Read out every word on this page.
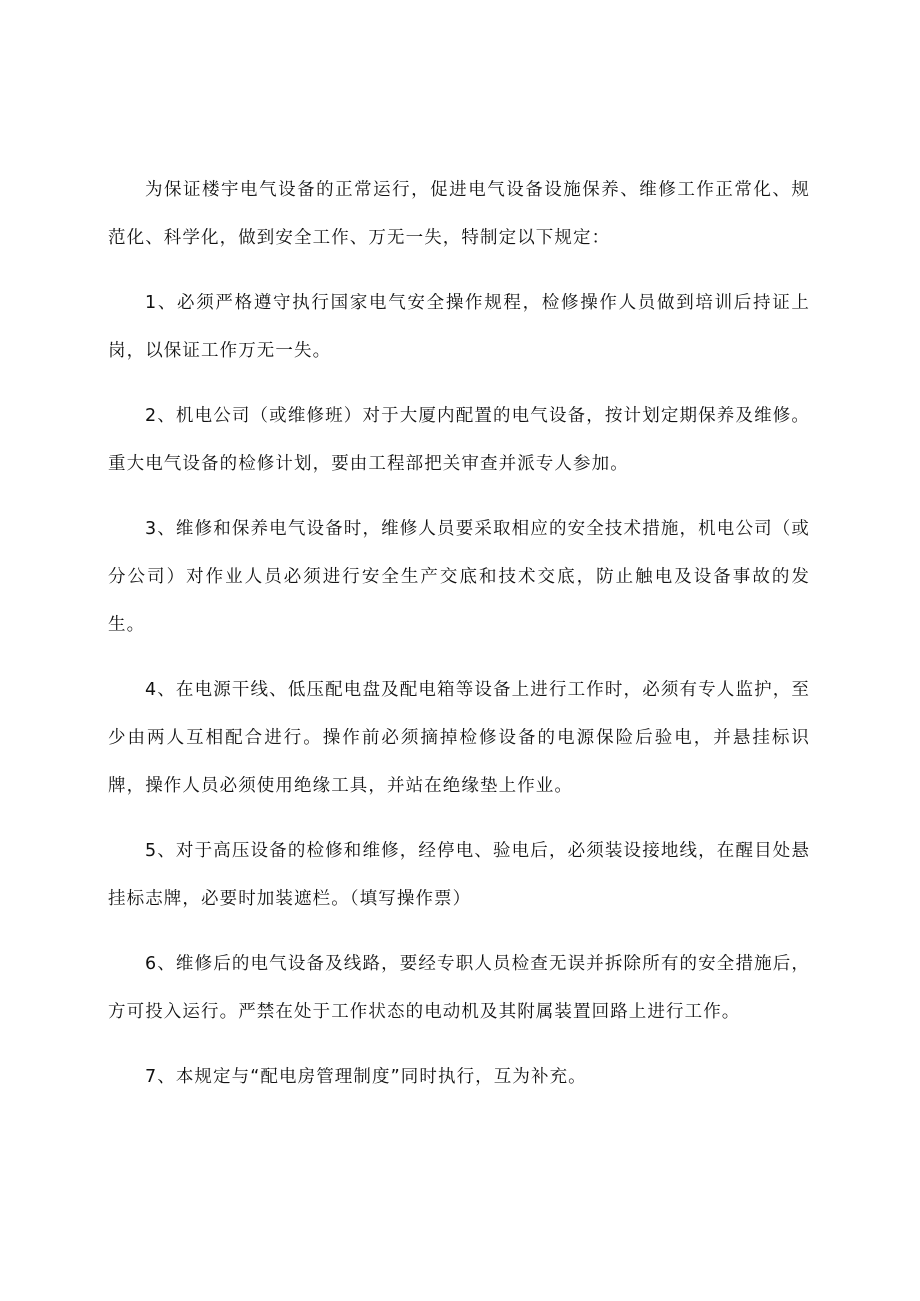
为保证楼宇电气设备的正常运行，促进电气设备设施保养、维修工作正常化、规范化、科学化，做到安全工作、万无一失，特制定以下规定：

1、必须严格遵守执行国家电气安全操作规程，检修操作人员做到培训后持证上岗，以保证工作万无一失。

2、机电公司（或维修班）对于大厦内配置的电气设备，按计划定期保养及维修。重大电气设备的检修计划，要由工程部把关审查并派专人参加。

3、维修和保养电气设备时，维修人员要采取相应的安全技术措施，机电公司（或分公司）对作业人员必须进行安全生产交底和技术交底，防止触电及设备事故的发生。

4、在电源干线、低压配电盘及配电箱等设备上进行工作时，必须有专人监护，至少由两人互相配合进行。操作前必须摘掉检修设备的电源保险后验电，并悬挂标识牌，操作人员必须使用绝缘工具，并站在绝缘垫上作业。

5、对于高压设备的检修和维修，经停电、验电后，必须装设接地线，在醒目处悬挂标志牌，必要时加装遮栏。（填写操作票）

6、维修后的电气设备及线路，要经专职人员检查无误并拆除所有的安全措施后，方可投入运行。严禁在处于工作状态的电动机及其附属装置回路上进行工作。

7、本规定与“配电房管理制度”同时执行，互为补充。
